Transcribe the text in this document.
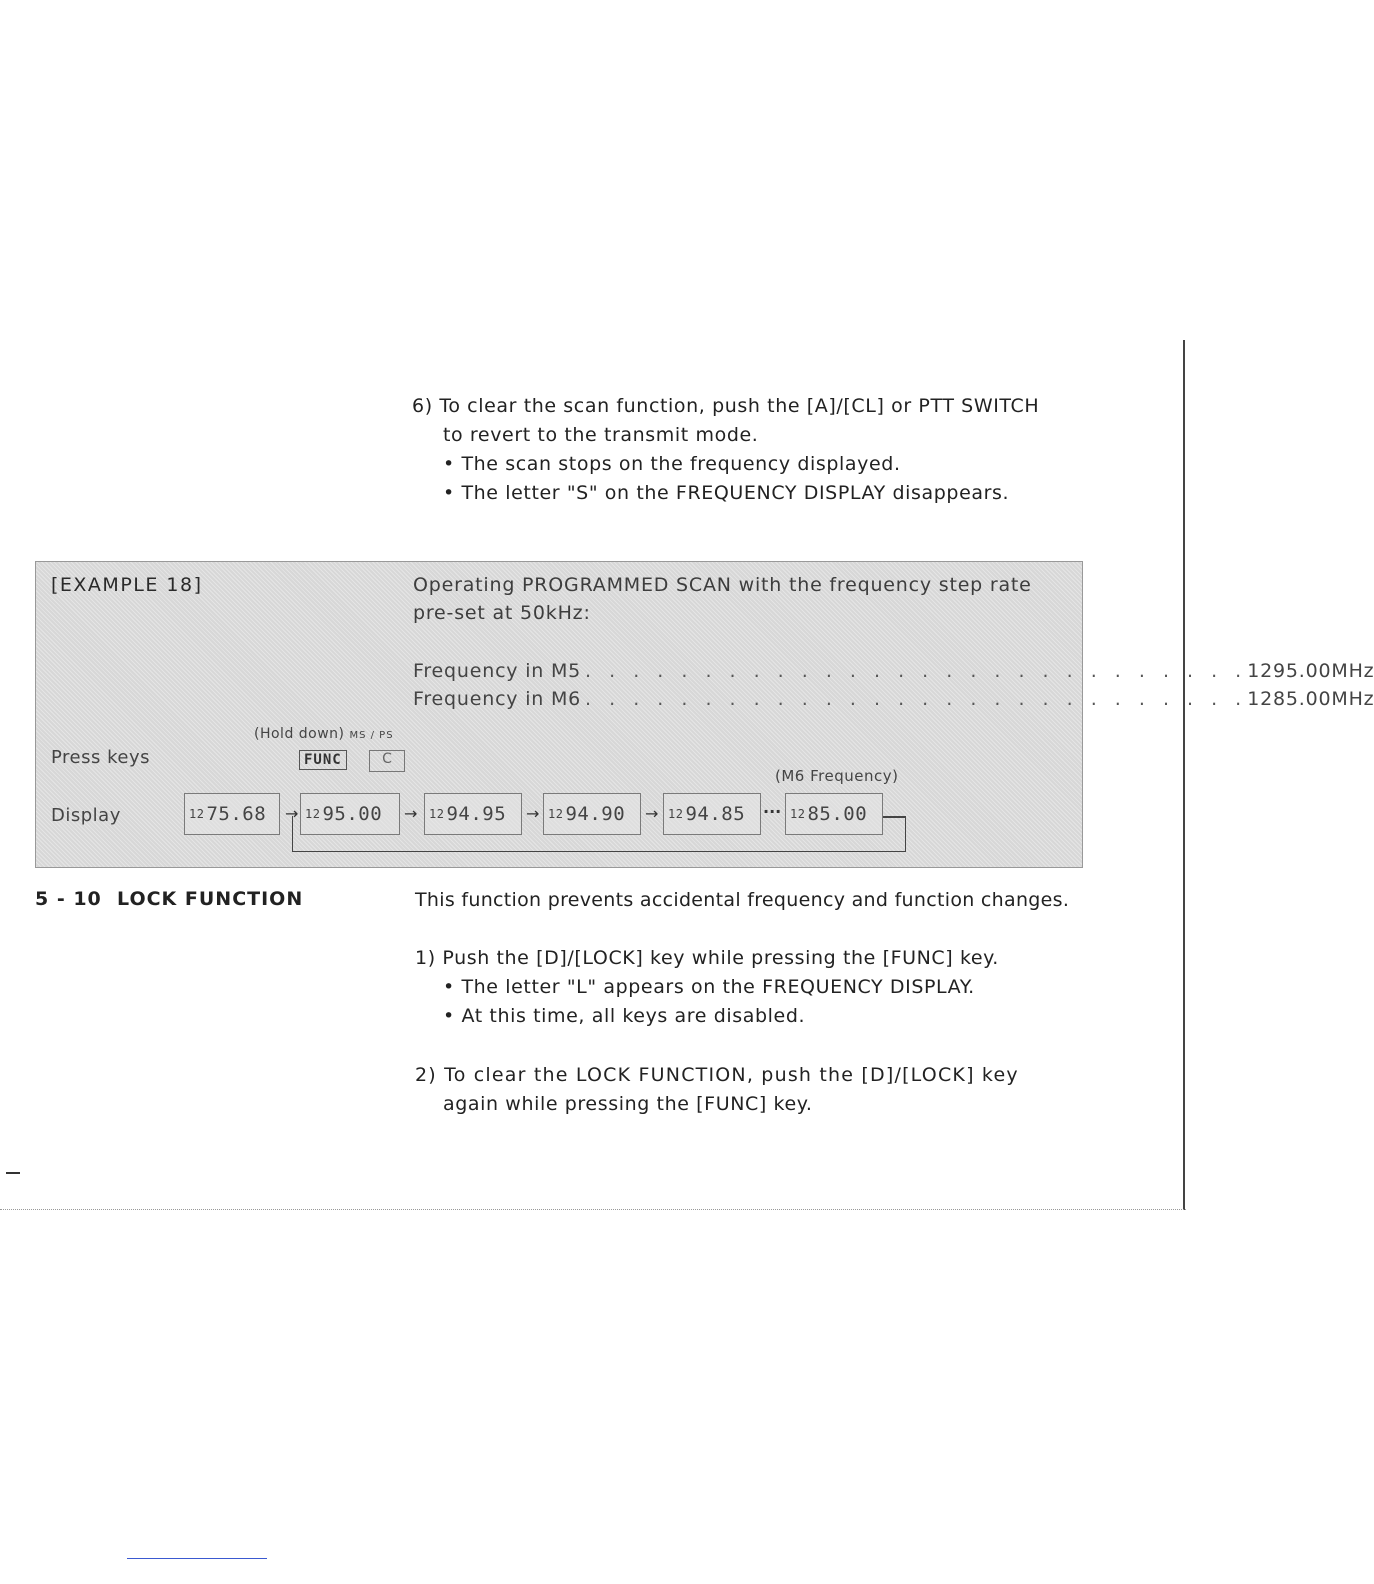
6) To clear the scan function, push the [A]/[CL] or PTT SWITCH
to revert to the transmit mode.
• The scan stops on the frequency displayed.
• The letter "S" on the FREQUENCY DISPLAY disappears.
[EXAMPLE 18]	Operating PROGRAMMED SCAN with the frequency step rate
pre-set at 50kHz:
Frequency in M5 . . . . . . . . . . . . . . . . . . . . . . . . . . . . 1295.00MHz
Frequency in M6 . . . . . . . . . . . . . . . . . . . . . . . . . . . . 1285.00MHz
(Hold down) MS / PS
Press keys	FUNC	C
(M6 Frequency)
Display	12 75.68 → 12 95.00 → 12 94.95 → 12 94.90 → 12 94.85 ··· 12 85.00
5 - 10 LOCK FUNCTION	This function prevents accidental frequency and function changes.
1) Push the [D]/[LOCK] key while pressing the [FUNC] key.
• The letter "L" appears on the FREQUENCY DISPLAY.
• At this time, all keys are disabled.
2) To clear the LOCK FUNCTION, push the [D]/[LOCK] key
again while pressing the [FUNC] key.
